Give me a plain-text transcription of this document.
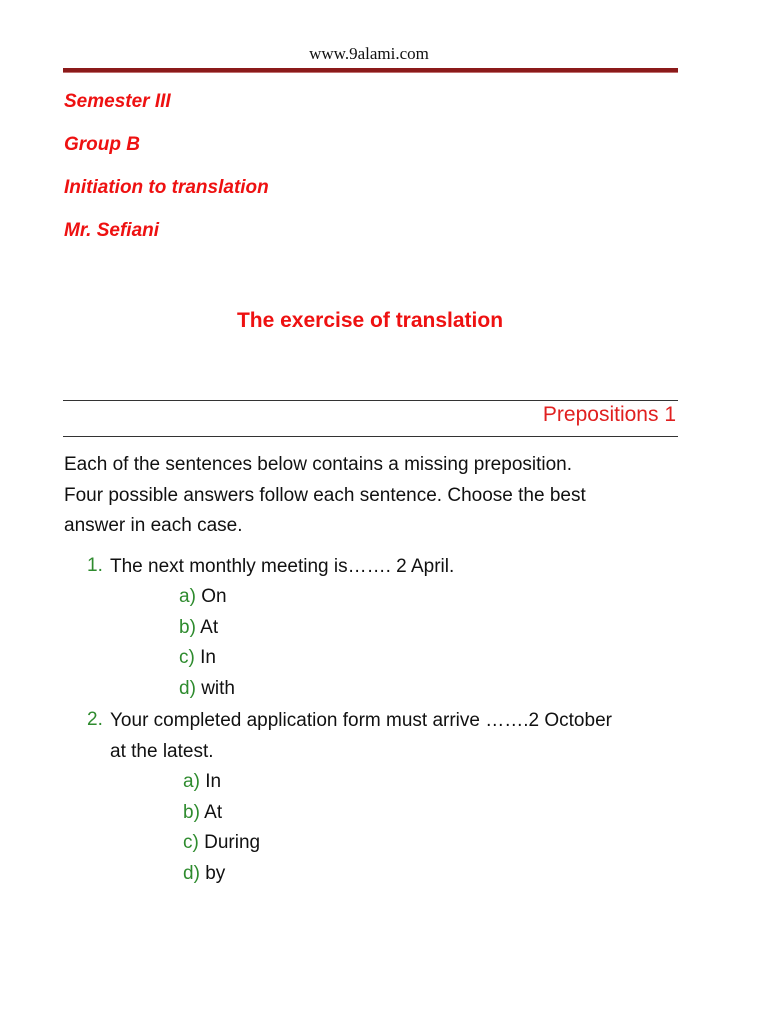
www.9alami.com
Semester III
Group B
Initiation to translation
Mr. Sefiani
The exercise of translation
Prepositions 1
Each of the sentences below contains a missing preposition.
Four possible answers follow each sentence. Choose the best
answer in each case.
1. The next monthly meeting is……. 2 April.
a) On
b) At
c) In
d) with
2. Your completed application form must arrive …….2 October
at the latest.
a) In
b) At
c) During
d) by
